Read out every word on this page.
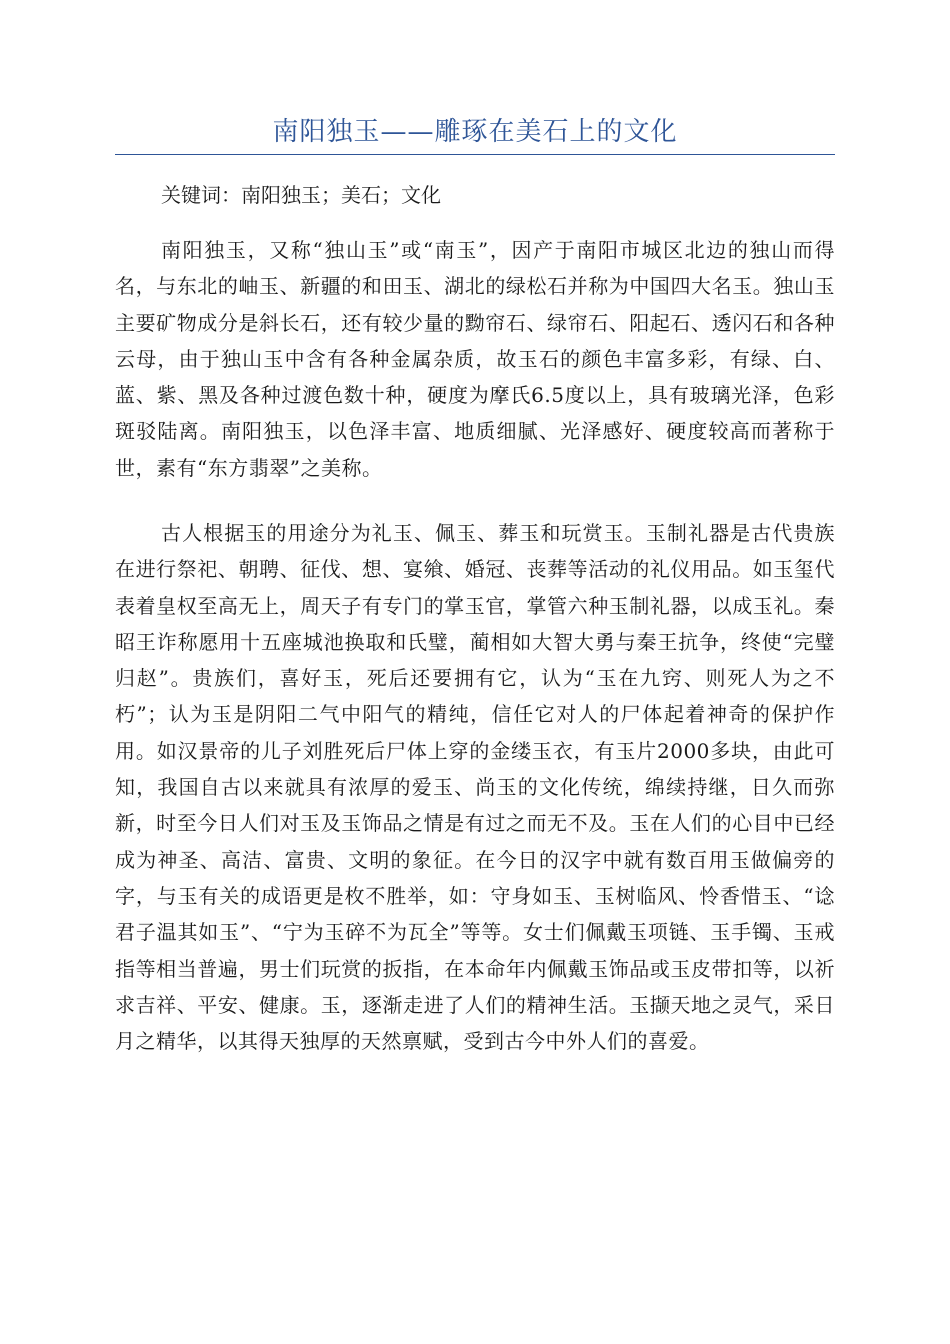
南阳独玉——雕琢在美石上的文化

关键词：南阳独玉；美石；文化

南阳独玉，又称“独山玉”或“南玉”，因产于南阳市城区北边的独山而得名，与东北的岫玉、新疆的和田玉、湖北的绿松石并称为中国四大名玉。独山玉主要矿物成分是斜长石，还有较少量的黝帘石、绿帘石、阳起石、透闪石和各种云母，由于独山玉中含有各种金属杂质，故玉石的颜色丰富多彩，有绿、白、蓝、紫、黑及各种过渡色数十种，硬度为摩氏6.5度以上，具有玻璃光泽，色彩斑驳陆离。南阳独玉，以色泽丰富、地质细腻、光泽感好、硬度较高而著称于世，素有“东方翡翠”之美称。

古人根据玉的用途分为礼玉、佩玉、葬玉和玩赏玉。玉制礼器是古代贵族在进行祭祀、朝聘、征伐、想、宴飨、婚冠、丧葬等活动的礼仪用品。如玉玺代表着皇权至高无上，周天子有专门的掌玉官，掌管六种玉制礼器，以成玉礼。秦昭王诈称愿用十五座城池换取和氏璧，蔺相如大智大勇与秦王抗争，终使“完璧归赵”。贵族们，喜好玉，死后还要拥有它，认为“玉在九窍、则死人为之不朽”；认为玉是阴阳二气中阳气的精纯，信任它对人的尸体起着神奇的保护作用。如汉景帝的儿子刘胜死后尸体上穿的金缕玉衣，有玉片2000多块，由此可知，我国自古以来就具有浓厚的爱玉、尚玉的文化传统，绵续持继，日久而弥新，时至今日人们对玉及玉饰品之情是有过之而无不及。玉在人们的心目中已经成为神圣、高洁、富贵、文明的象征。在今日的汉字中就有数百用玉做偏旁的字，与玉有关的成语更是枚不胜举，如：守身如玉、玉树临风、怜香惜玉、“谂君子温其如玉”、“宁为玉碎不为瓦全”等等。女士们佩戴玉项链、玉手镯、玉戒指等相当普遍，男士们玩赏的扳指，在本命年内佩戴玉饰品或玉皮带扣等，以祈求吉祥、平安、健康。玉，逐渐走进了人们的精神生活。玉撷天地之灵气，采日月之精华，以其得天独厚的天然禀赋，受到古今中外人们的喜爱。
